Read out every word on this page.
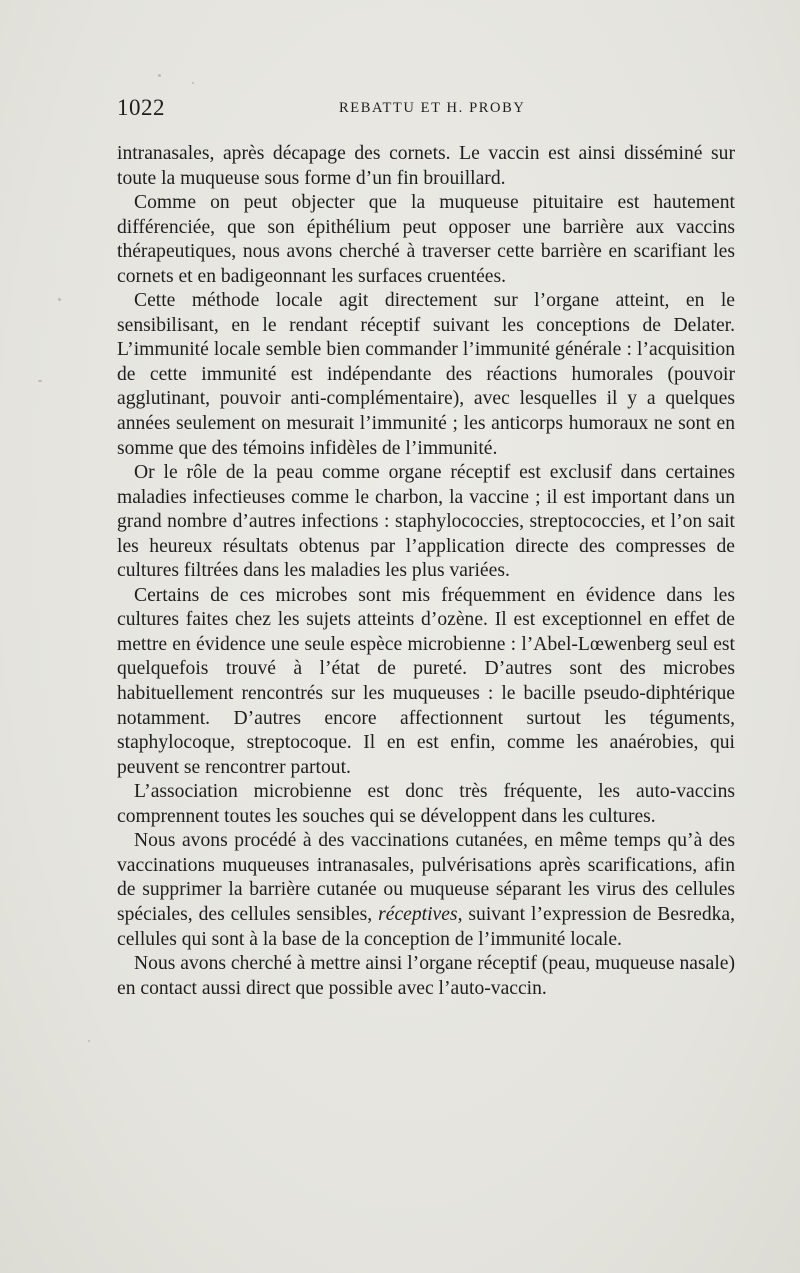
1022	REBATTU ET H. PROBY

intranasales, après décapage des cornets. Le vaccin est ainsi disséminé sur toute la muqueuse sous forme d’un fin brouillard.

Comme on peut objecter que la muqueuse pituitaire est hautement différenciée, que son épithélium peut opposer une barrière aux vaccins thérapeutiques, nous avons cherché à traverser cette barrière en scarifiant les cornets et en badigeonnant les surfaces cruentées.

Cette méthode locale agit directement sur l’organe atteint, en le sensibilisant, en le rendant réceptif suivant les conceptions de Delater. L’immunité locale semble bien commander l’immunité générale : l’acquisition de cette immunité est indépendante des réactions humorales (pouvoir agglutinant, pouvoir anti-complémentaire), avec lesquelles il y a quelques années seulement on mesurait l’immunité ; les anticorps humoraux ne sont en somme que des témoins infidèles de l’immunité.

Or le rôle de la peau comme organe réceptif est exclusif dans certaines maladies infectieuses comme le charbon, la vaccine ; il est important dans un grand nombre d’autres infections : staphylococcies, streptococcies, et l’on sait les heureux résultats obtenus par l’application directe des compresses de cultures filtrées dans les maladies les plus variées.

Certains de ces microbes sont mis fréquemment en évidence dans les cultures faites chez les sujets atteints d’ozène. Il est exceptionnel en effet de mettre en évidence une seule espèce microbienne : l’Abel-Lœwenberg seul est quelquefois trouvé à l’état de pureté. D’autres sont des microbes habituellement rencontrés sur les muqueuses : le bacille pseudo-diphtérique notamment. D’autres encore affectionnent surtout les téguments, staphylocoque, streptocoque. Il en est enfin, comme les anaérobies, qui peuvent se rencontrer partout.

L’association microbienne est donc très fréquente, les auto-vaccins comprennent toutes les souches qui se développent dans les cultures.

Nous avons procédé à des vaccinations cutanées, en même temps qu’à des vaccinations muqueuses intranasales, pulvérisations après scarifications, afin de supprimer la barrière cutanée ou muqueuse séparant les virus des cellules spéciales, des cellules sensibles, réceptives, suivant l’expression de Besredka, cellules qui sont à la base de la conception de l’immunité locale.

Nous avons cherché à mettre ainsi l’organe réceptif (peau, muqueuse nasale) en contact aussi direct que possible avec l’auto-vaccin.
